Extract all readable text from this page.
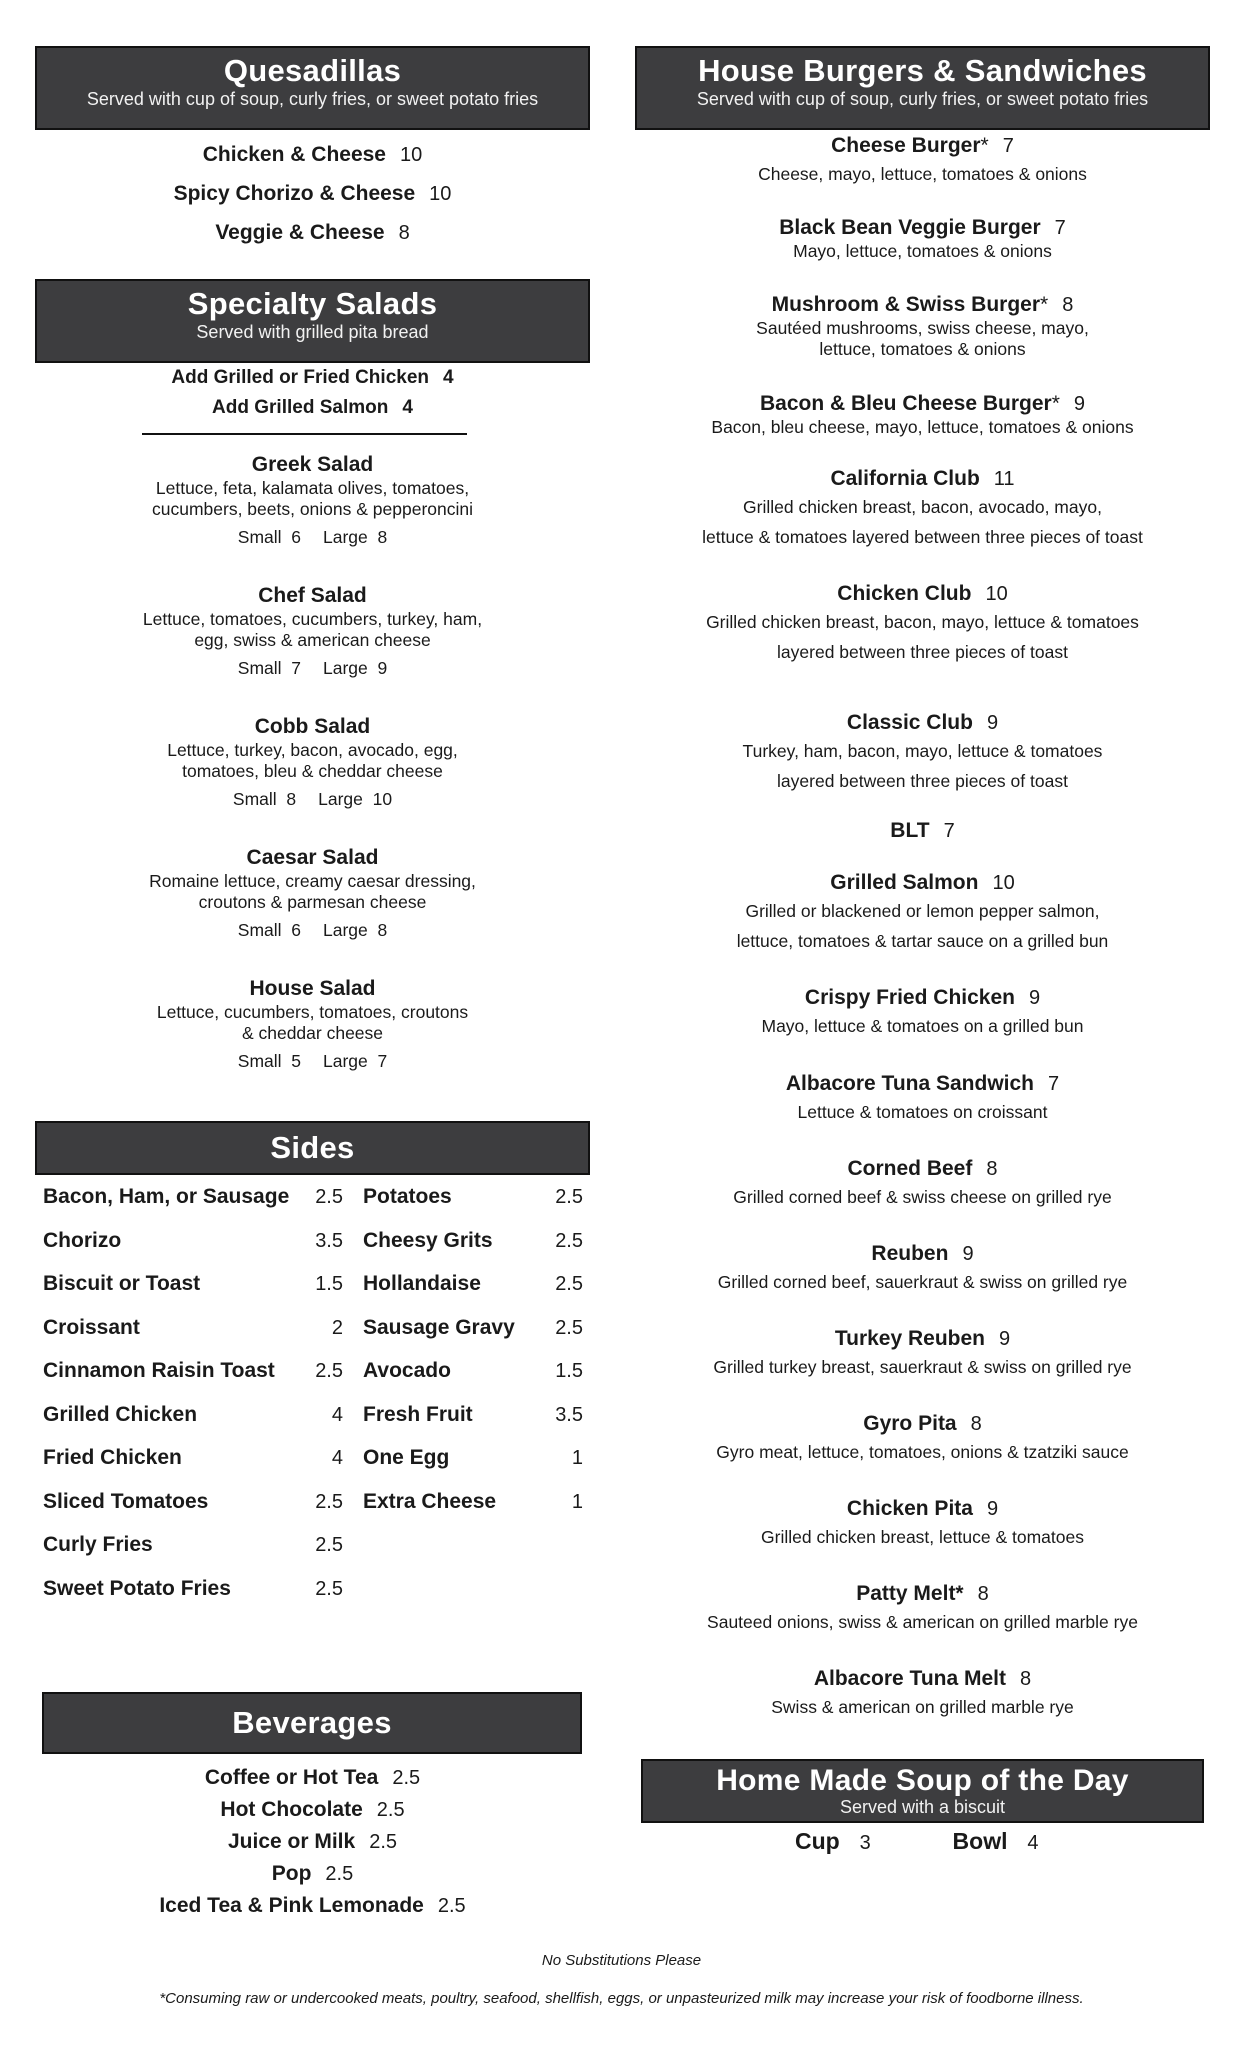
Quesadillas
Served with cup of soup, curly fries, or sweet potato fries
Chicken & Cheese 10
Spicy Chorizo & Cheese 10
Veggie & Cheese 8
Specialty Salads
Served with grilled pita bread
Add Grilled or Fried Chicken 4
Add Grilled Salmon 4
Greek Salad
Lettuce, feta, kalamata olives, tomatoes,
cucumbers, beets, onions & pepperoncini
Small  6 Large  8
Chef Salad
Lettuce, tomatoes, cucumbers, turkey, ham,
egg, swiss & american cheese
Small  7 Large  9
Cobb Salad
Lettuce, turkey, bacon, avocado, egg,
tomatoes, bleu & cheddar cheese
Small  8 Large  10
Caesar Salad
Romaine lettuce, creamy caesar dressing,
croutons & parmesan cheese
Small  6 Large  8
House Salad
Lettuce, cucumbers, tomatoes, croutons
& cheddar cheese
Small  5 Large  7
Sides
Bacon, Ham, or Sausage 2.5
Chorizo	3.5
Biscuit or Toast	1.5
Croissant	2
Cinnamon Raisin Toast 2.5
Grilled Chicken	4
Fried Chicken	4
Sliced Tomatoes	2.5
Curly Fries	2.5
Sweet Potato Fries	2.5
Potatoes	2.5
Cheesy Grits	2.5
Hollandaise	2.5
Sausage Gravy 2.5
Avocado	1.5
Fresh Fruit	3.5
One Egg	1
Extra Cheese	1
Beverages
Coffee or Hot Tea 2.5
Hot Chocolate 2.5
Juice or Milk 2.5
Pop 2.5
Iced Tea & Pink Lemonade 2.5
House Burgers & Sandwiches
Served with cup of soup, curly fries, or sweet potato fries
Cheese Burger* 7
Cheese, mayo, lettuce, tomatoes & onions
Black Bean Veggie Burger 7
Mayo, lettuce, tomatoes & onions
Mushroom & Swiss Burger* 8
Sautéed mushrooms, swiss cheese, mayo,
lettuce, tomatoes & onions
Bacon & Bleu Cheese Burger* 9
Bacon, bleu cheese, mayo, lettuce, tomatoes & onions
California Club 11
Grilled chicken breast, bacon, avocado, mayo,
lettuce & tomatoes layered between three pieces of toast
Chicken Club 10
Grilled chicken breast, bacon, mayo, lettuce & tomatoes
layered between three pieces of toast
Classic Club 9
Turkey, ham, bacon, mayo, lettuce & tomatoes
layered between three pieces of toast
BLT 7
Grilled Salmon 10
Grilled or blackened or lemon pepper salmon,
lettuce, tomatoes & tartar sauce on a grilled bun
Crispy Fried Chicken 9
Mayo, lettuce & tomatoes on a grilled bun
Albacore Tuna Sandwich 7
Lettuce & tomatoes on croissant
Corned Beef 8
Grilled corned beef & swiss cheese on grilled rye
Reuben 9
Grilled corned beef, sauerkraut & swiss on grilled rye
Turkey Reuben 9
Grilled turkey breast, sauerkraut & swiss on grilled rye
Gyro Pita 8
Gyro meat, lettuce, tomatoes, onions & tzatziki sauce
Chicken Pita 9
Grilled chicken breast, lettuce & tomatoes
Patty Melt* 8
Sauteed onions, swiss & american on grilled marble rye
Albacore Tuna Melt 8
Swiss & american on grilled marble rye
Home Made Soup of the Day
Served with a biscuit
Cup 3	Bowl 4
No Substitutions Please
*Consuming raw or undercooked meats, poultry, seafood, shellfish, eggs, or unpasteurized milk may increase your risk of foodborne illness.
